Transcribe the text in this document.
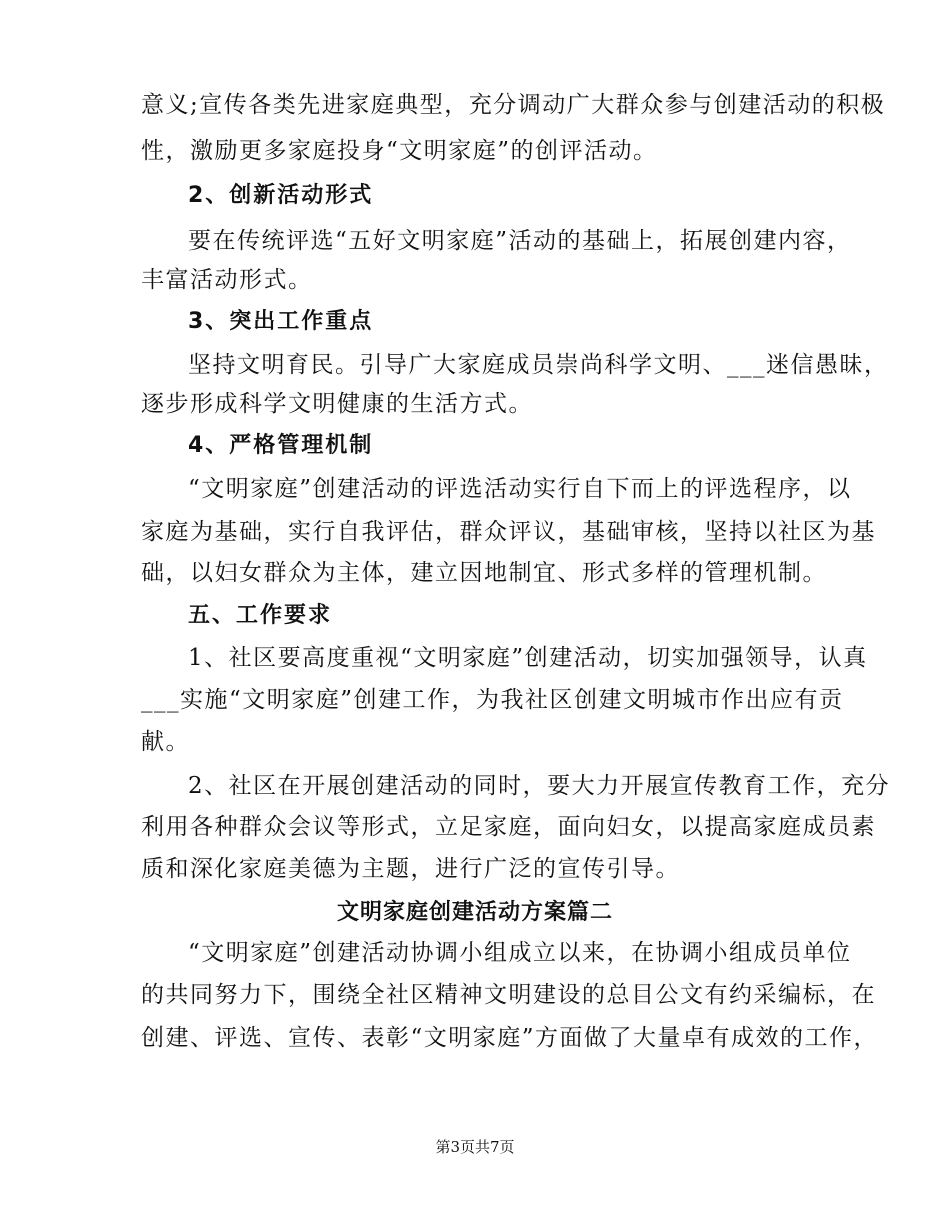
意义;宣传各类先进家庭典型，充分调动广大群众参与创建活动的积极
性，激励更多家庭投身“文明家庭”的创评活动。
2、创新活动形式
要在传统评选“五好文明家庭”活动的基础上，拓展创建内容，
丰富活动形式。
3、突出工作重点
坚持文明育民。引导广大家庭成员崇尚科学文明、___迷信愚昧，
逐步形成科学文明健康的生活方式。
4、严格管理机制
“文明家庭”创建活动的评选活动实行自下而上的评选程序，以
家庭为基础，实行自我评估，群众评议，基础审核，坚持以社区为基
础，以妇女群众为主体，建立因地制宜、形式多样的管理机制。
五、工作要求
1、社区要高度重视“文明家庭”创建活动，切实加强领导，认真
___实施“文明家庭”创建工作，为我社区创建文明城市作出应有贡
献。
2、社区在开展创建活动的同时，要大力开展宣传教育工作，充分
利用各种群众会议等形式，立足家庭，面向妇女，以提高家庭成员素
质和深化家庭美德为主题，进行广泛的宣传引导。
文明家庭创建活动方案篇二
“文明家庭”创建活动协调小组成立以来，在协调小组成员单位
的共同努力下，围绕全社区精神文明建设的总目公文有约采编标，在
创建、评选、宣传、表彰“文明家庭”方面做了大量卓有成效的工作，
第3页共7页
